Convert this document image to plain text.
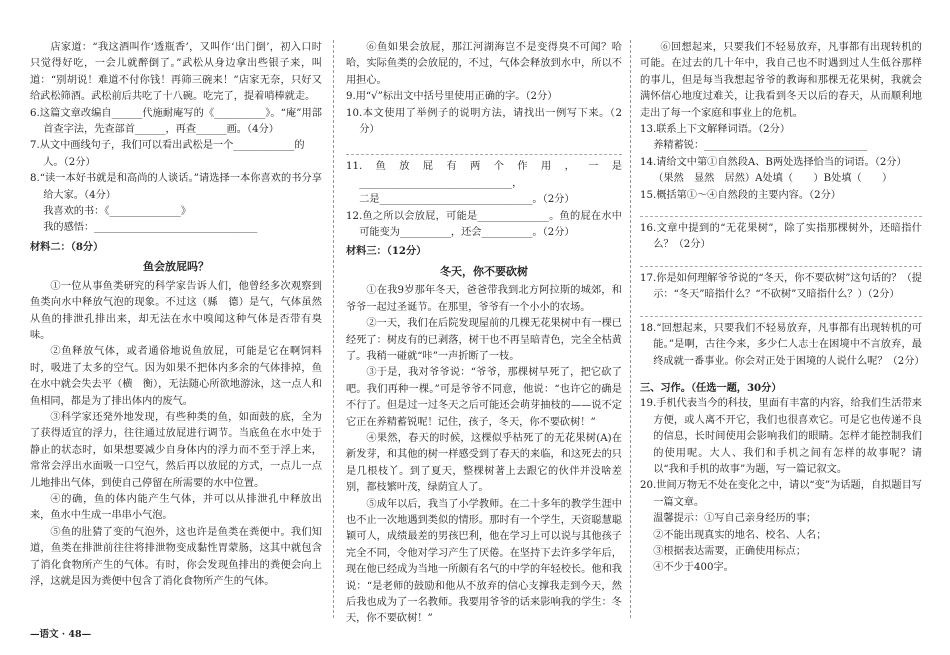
店家道：“我这酒叫作‘透瓶香’，又叫作‘出门倒’，初入口时只觉得好吃，一会儿就醉倒了。”武松从身边拿出些银子来，叫道：“别胡说！难道不付你钱！再筛三碗来！”店家无奈，只好又给武松筛酒。武松前后共吃了十八碗。吃完了，提着哨棒就走。

6.这篇文章改编自______代施耐庵写的《__________》。“庵”用部首查字法，先查部首______，再查______画。（4分）

7.从文中画线句子，我们可以看出武松是一个____________的

人。（2分）

8.“读一本好书就是和高尚的人谈话。”请选择一本你喜欢的书分享给大家。（4分）

我喜欢的书：《______________》

我的感悟：________________________________

材料二：（8分）

鱼会放屁吗？

①一位从事鱼类研究的科学家告诉人们，他曾经多次观察到鱼类向水中释放气泡的现象。不过这（縣　德）是气，气体虽然从鱼的排泄孔排出来，却无法在水中嗅闻这种气体是否带有臭味。

②鱼释放气体，或者通俗地说鱼放屁，可能是它在啊饲料时，吸进了太多的空气。因为如果不把体内多余的气体排掉，鱼在水中就会失去平（横　衡），无法随心所欲地游泳，这一点人和鱼相同，都是为了排出体内的废气。

③科学家还発外地发现，有些种类的鱼，如面鼓的底，全为了获得适宜的浮力，往往通过放屁进行调节。当底鱼在水中处于静止的状态时，如果想要减少自身体内的浮力而不至于浮上来，常常会浮出水面吸一口空气，然后再以放屁的方式，一点儿一点儿地排出气体，到使自己停留在所需要的水中位置。

④的确，鱼的体内能产生气体，并可以从排泄孔中释放出来，鱼水中生成一串串小气泡。

⑤鱼的肚猜了变的气泡外，这也许是鱼类在粪便中。我们知道，鱼类在排泄前往往将排泄物变成黏性胃蒙肠，这其中就包含了消化食物所产生的气体。有时，你会发现鱼排出的粪便会向上浮，这就是因为粪便中包含了消化食物所产生的气体。

⑥鱼如果会放屁，那江河湖海岂不是变得臭不可闻？哈哈，实际鱼类的会放屁的，不过，气体会释放到水中，所以不用担心。

9.用“√”标出文中括号里使用正确的字。（2分）

10.本文使用了举例子的说明方法，请找出一例写下来。（2分）

11.鱼放屁有两个作用，一是______________________________，

二是______________________________。（2分）

12.鱼之所以会放屁，可能是______________。鱼的屁在水中可能变为__________，还会__________。（2分）

材料三：（12分）

冬天，你不要砍树

①在我9岁那年冬天，爸爸带我到北方阿拉斯的城郊，和爷爷一起过圣诞节。在那里，爷爷有一个小小的农场。

②一天，我们在后院发现屋前的几棵无花果树中有一棵已经死了：树皮有的已剥落，树干也不再呈暗青色，完全全枯黄了。我稍一碰就“咔”一声折断了一枝。

③于是，我对爷爷说：“爷爷，那棵树早死了，把它砍了吧。我们再种一棵。”可是爷爷不同意，他说：“也许它的确是不行了。但是过一过冬天之后可能还会萌芽抽枝的——说不定它正在养精蓄锐呢！记住，孩子，冬天，你不要砍树！”

④果然，春天的时候，这棵似乎枯死了的无花果树(A)在新发芽，和其他的树一样感受到了春天的来临，和这死去的只是几根枝丫。到了夏天，整棵树著上去跟它的伙伴并没啥差别，都枝繁叶茂，绿荫宜人了。

⑤成年以后，我当了小学教师。在二十多年的教学生涯中也不止一次地遇到类似的情形。那时有一个学生，天资聪慧聪颖可人，成绩最差的男孩巴利，他在学习上可以说与其他孩子完全不同，令他对学习产生了厌倦。在坚持下去许多学年后，现在他已经成为当地一所颇有名气的中学的年轻校长。他和我说：“是老师的鼓励和他从不放弃的信心支撑我走到今天，然后我也成为了一名教师。我要用爷爷的话来影响我的学生：冬天，你不要砍树！”

⑥回想起来，只要我们不轻易放弃，凡事都有出现转机的可能。在过去的几十年中，我自己也不时遇到过人生低谷那样的事儿，但是每当我想起爷爷的教诲和那棵无花果树，我就会满怀信心地度过难关，让我看到冬天以后的春天，从而顺利地走出了每一个家庭和事业上的危机。

13.联系上下文解释词语。（2分）

养精蓄锐：________________________________

14.请给文中第①自然段A、B两处选择恰当的词语。（2分）

（果然　显然　居然）A处填（　　）B处填（　　）

15.概括第①～④自然段的主要内容。（2分）

16.文章中提到的“无花果树”，除了实指那棵树外，还暗指什么？（2分）

17.你是如何理解爷爷说的“冬天，你不要砍树”这句话的？（提示：“冬天”暗指什么？“不砍树”又暗指什么？）（2分）

18.“回想起来，只要我们不轻易放弃，凡事都有出现转机的可能。”是啊，古往今来，多少仁人志士在困境中不言放弃，最终成就一番事业。你会对正处于困境的人说什么呢？（2分）

三、习作。（任选一题，30分）

19.手机代表当今的科技，里面有丰富的内容，给我们生活带来方便，或人离不开它，我们也很喜欢它。可是它也传递不良的信息，长时间使用会影响我们的眼睛。怎样才能控制我们的使用呢。大人、我们和手机之间有怎样的故事呢？请以“我和手机的故事”为题，写一篇记叙文。

20.世间万物无不处在变化之中，请以“变”为话题，自拟题目写一篇文章。

温馨提示：①写自己亲身经历的事；

②不能出现真实的地名、校名、人名；

③根据表达需要，正确使用标点；

④不少于400字。

—语文 · 48—
